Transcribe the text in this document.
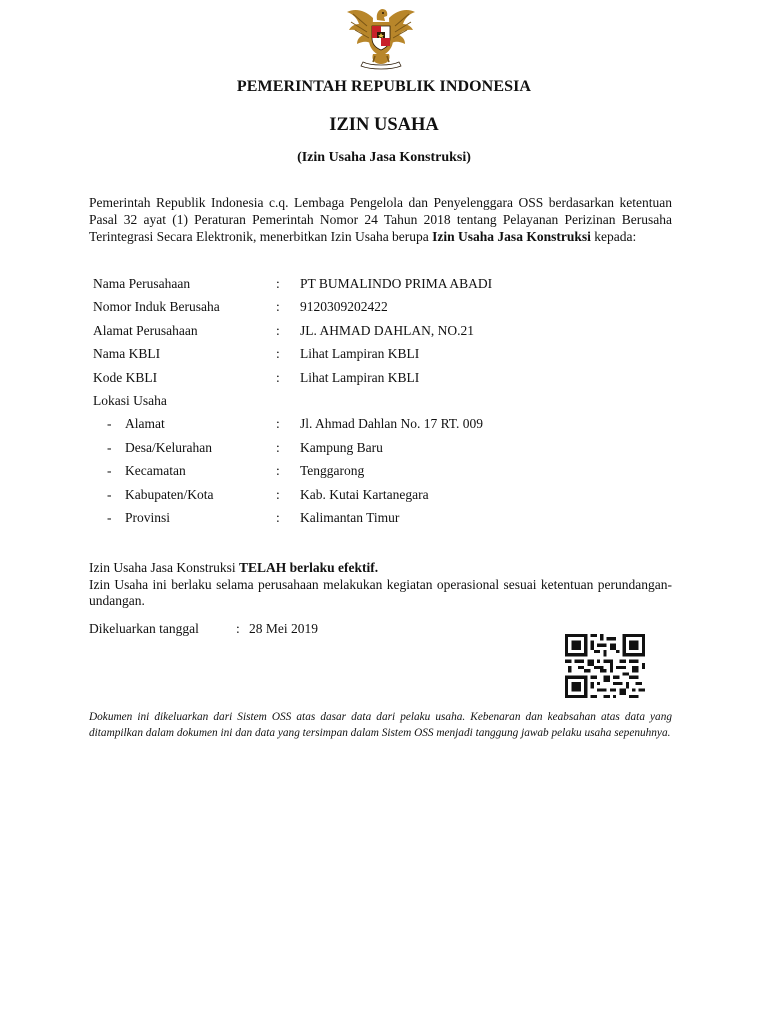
PEMERINTAH REPUBLIK INDONESIA
IZIN USAHA
(Izin Usaha Jasa Konstruksi)
Pemerintah Republik Indonesia c.q. Lembaga Pengelola dan Penyelenggara OSS berdasarkan ketentuan Pasal 32 ayat (1) Peraturan Pemerintah Nomor 24 Tahun 2018 tentang Pelayanan Perizinan Berusaha Terintegrasi Secara Elektronik, menerbitkan Izin Usaha berupa Izin Usaha Jasa Konstruksi kepada:
Nama Perusahaan	: PT BUMALINDO PRIMA ABADI
Nomor Induk Berusaha	: 9120309202422
Alamat Perusahaan	: JL. AHMAD DAHLAN, NO.21
Nama KBLI	: Lihat Lampiran KBLI
Kode KBLI	: Lihat Lampiran KBLI
Lokasi Usaha
- Alamat	: Jl. Ahmad Dahlan No. 17 RT. 009
- Desa/Kelurahan	: Kampung Baru
- Kecamatan	: Tenggarong
- Kabupaten/Kota	: Kab. Kutai Kartanegara
- Provinsi	: Kalimantan Timur
Izin Usaha Jasa Konstruksi TELAH berlaku efektif.
Izin Usaha ini berlaku selama perusahaan melakukan kegiatan operasional sesuai ketentuan perundangan-undangan.
Dikeluarkan tanggal	: 28 Mei 2019
Dokumen ini dikeluarkan dari Sistem OSS atas dasar data dari pelaku usaha. Kebenaran dan keabsahan atas data yang ditampilkan dalam dokumen ini dan data yang tersimpan dalam Sistem OSS menjadi tanggung jawab pelaku usaha sepenuhnya.
